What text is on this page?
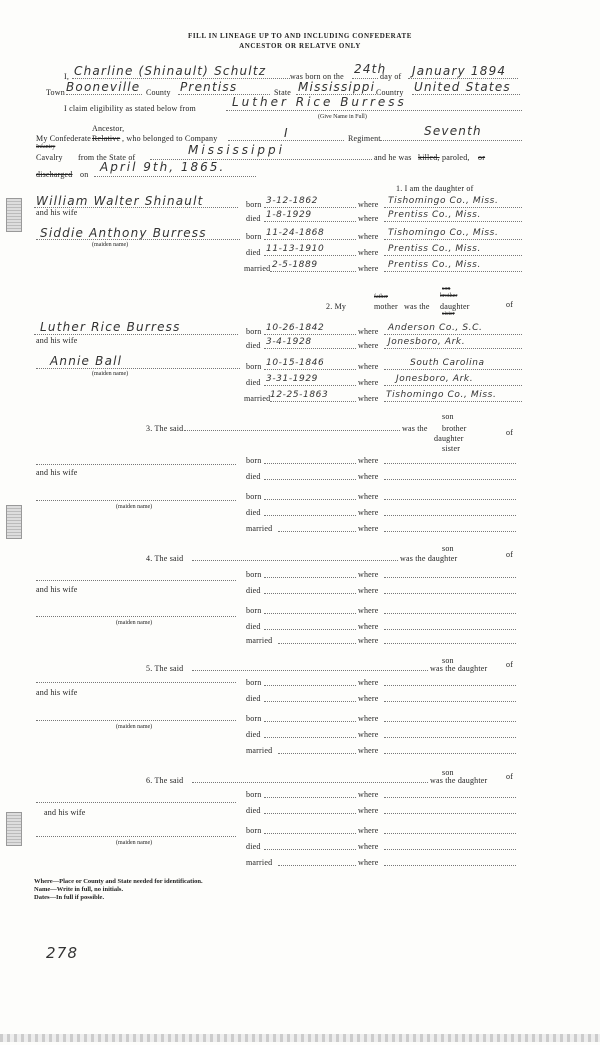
FILL IN LINEAGE UP TO AND INCLUDING CONFEDERATE
ANCESTOR OR RELATVE ONLY
I, Charline (Shinault) Schultz	was born on the
24th
day of January 1894
Town Booneville County Prentiss	State Mississippi Country United States
I claim eligibility as stated below from	Luther Rice Burress
(Give Name in Full)
Ancestor,
My Confederate Relative , who belonged to Company	I	Regiment
Seventh
Infantry
Cavalry from the State of
Mississippi
and he was killed, paroled, or
discharged on
April 9th, 1865.
1. I am the daughter of
William Walter Shinault
and his wife
born 3-12-1862	where Tishomingo Co., Miss.
died 1-8-1929	where Prentiss Co., Miss.
Siddie Anthony Burress
(maiden name)
born 11-24-1868	where Tishomingo Co., Miss.
died 11-13-1910	where Prentiss Co., Miss.
married 2-5-1889	where Prentiss Co., Miss.
son
father	brother
2. My	mother was the daughter	of
sister
Luther Rice Burress
and his wife
born 10-26-1842	where Anderson Co., S.C.
died 3-4-1928	where Jonesboro, Ark.
Annie Ball
(maiden name)
born 10-15-1846	where	South Carolina
died 3-31-1929	where Jonesboro, Ark.
married 12-25-1863	where Tishomingo Co., Miss.
son
3. The said	was the brother	of
daughter
sister
and his wife
born	where
died	where
(maiden name)
born	where
died	where
married	where
son
4. The said	was the daughter	of
and his wife
born	where
died	where
(maiden name)
born	where
died	where
married	where
son
5. The said	was the daughter of
and his wife
born	where
died	where
(maiden name)
born	where
died	where
married	where
son
6. The said	was the daughter of
and his wife
born	where
died	where
(maiden name)
born	where
died	where
married	where
Where—Place or County and State needed for identification.
Name—Write in full, no initials.
Dates—In full if possible.
278
